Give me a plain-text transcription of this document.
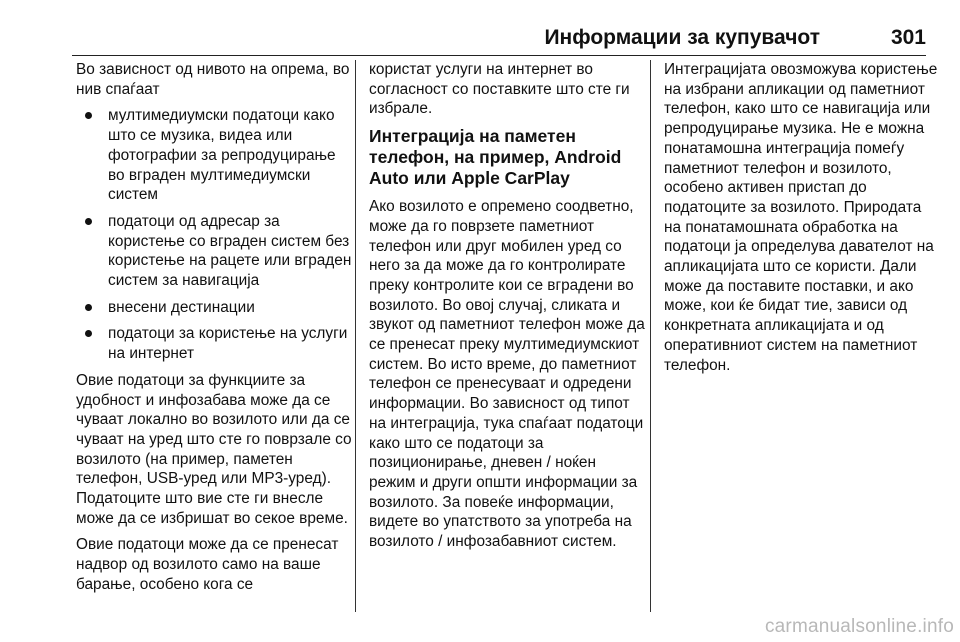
Информации за купувачот	301

Во зависност од нивото на опрема, во нив спаѓаат

мултимедиумски податоци како што се музика, видеа или фотографии за репродуцирање во вграден мултимедиумски систем
податоци од адресар за користење со вграден систем без користење на рацете или вграден систем за навигација
внесени дестинации
податоци за користење на услуги на интернет

Овие податоци за функциите за удобност и инфозабава може да се чуваат локално во возилото или да се чуваат на уред што сте го поврзале со возилото (на пример, паметен телефон, USB-уред или MP3-уред). Податоците што вие сте ги внесле може да се избришат во секое време.

Овие податоци може да се пренесат надвор од возилото само на ваше барање, особено кога се

користат услуги на интернет во согласност со поставките што сте ги избрале.

Интеграција на паметен телефон, на пример, Android Auto или Apple CarPlay

Ако возилото е опремено соодветно, може да го поврзете паметниот телефон или друг мобилен уред со него за да може да го контролирате преку контролите кои се вградени во возилото. Во овој случај, сликата и звукот од паметниот телефон може да се пренесат преку мултимедиумскиот систем. Во исто време, до паметниот телефон се пренесуваат и одредени информации. Во зависност од типот на интеграција, тука спаѓаат податоци како што се податоци за позиционирање, дневен / ноќен режим и други општи информации за возилото. За повеќе информации, видете во упатството за употреба на возилото / инфозабавниот систем.

Интеграцијата овозможува користење на избрани апликации од паметниот телефон, како што се навигација или репродуцирање музика. Не е можна понатамошна интеграција помеѓу паметниот телефон и возилото, особено активен пристап до податоците за возилото. Природата на понатамошната обработка на податоци ја определува давателот на апликацијата што се користи. Дали може да поставите поставки, и ако може, кои ќе бидат тие, зависи од конкретната апликацијата и од оперативниот систем на паметниот телефон.

carmanualsonline.info
